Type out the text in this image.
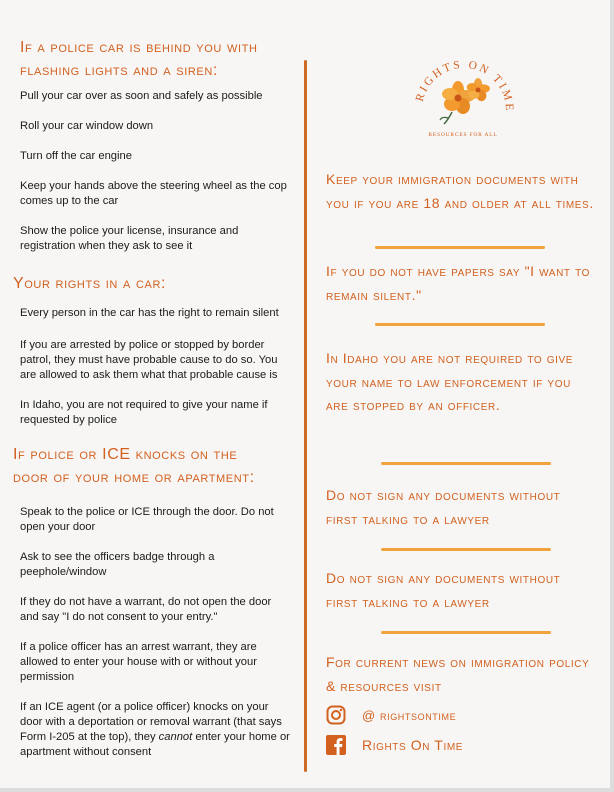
If a police car is behind you with
flashing lights and a siren:

Pull your car over as soon and safely as possible

Roll your car window down

Turn off the car engine

Keep your hands above the steering wheel as the cop comes up to the car

Show the police your license, insurance and registration when they ask to see it

Your rights in a car:

Every person in the car has the right to remain silent

If you are arrested by police or stopped by border patrol, they must have probable cause to do so. You are allowed to ask them what that probable cause is

In Idaho, you are not required to give your name if requested by police

If police or ICE knocks on the
door of your home or apartment:

Speak to the police or ICE through the door. Do not open your door

Ask to see the officers badge through a peephole/window

If they do not have a warrant, do not open the door and say "I do not consent to your entry."

If a police officer has an arrest warrant, they are allowed to enter your house with or without your permission

If an ICE agent (or a police officer) knocks on your door with a deportation or removal warrant (that says Form I-205 at the top), they cannot enter your home or apartment without consent

RIGHTS ON TIME
RESOURCES FOR ALL

Keep your immigration documents with you if you are 18 and older at all times.

If you do not have papers say "I want to remain silent."

In Idaho you are not required to give your name to law enforcement if you are stopped by an officer.

Do not sign any documents without first talking to a lawyer

Do not sign any documents without first talking to a lawyer

For current news on immigration policy & resources visit

@ rightsontime
Rights On Time
